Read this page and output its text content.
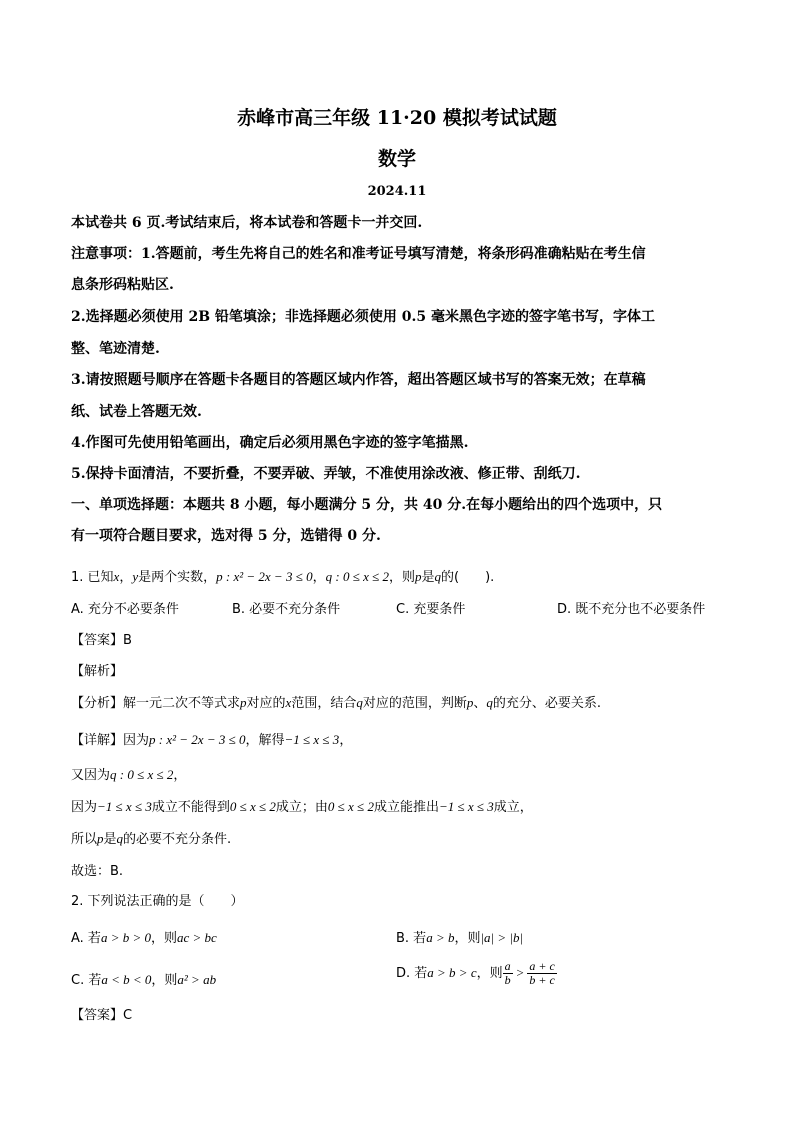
赤峰市高三年级 11·20 模拟考试试题
数学
2024.11
本试卷共 6 页.考试结束后，将本试卷和答题卡一并交回.
注意事项：1.答题前，考生先将自己的姓名和准考证号填写清楚，将条形码准确粘贴在考生信
息条形码粘贴区.
2.选择题必须使用 2B 铅笔填涂；非选择题必须使用 0.5 毫米黑色字迹的签字笔书写，字体工
整、笔迹清楚.
3.请按照题号顺序在答题卡各题目的答题区域内作答，超出答题区域书写的答案无效；在草稿
纸、试卷上答题无效.
4.作图可先使用铅笔画出，确定后必须用黑色字迹的签字笔描黑.
5.保持卡面清洁，不要折叠，不要弄破、弄皱，不准使用涂改液、修正带、刮纸刀.
一、单项选择题：本题共 8 小题，每小题满分 5 分，共 40 分.在每小题给出的四个选项中，只
有一项符合题目要求，选对得 5 分，选错得 0 分.
1. 已知x，y是两个实数，p : x² − 2x − 3 ≤ 0，q : 0 ≤ x ≤ 2，则p是q的(　　).
A. 充分不必要条件	B. 必要不充分条件	C. 充要条件	D. 既不充分也不必要条件
【答案】B
【解析】
【分析】解一元二次不等式求p对应的x范围，结合q对应的范围，判断p、q的充分、必要关系.
【详解】因为p : x² − 2x − 3 ≤ 0，解得−1 ≤ x ≤ 3，
又因为q : 0 ≤ x ≤ 2，
因为−1 ≤ x ≤ 3成立不能得到0 ≤ x ≤ 2成立；由0 ≤ x ≤ 2成立能推出−1 ≤ x ≤ 3成立，
所以p是q的必要不充分条件.
故选：B.
2. 下列说法正确的是（　　）
A. 若a > b > 0，则ac > bc	B. 若a > b，则|a| > |b|
C. 若a < b < 0，则a² > ab	D. 若a > b > c，则 $\frac{a}{b} > \frac{a + c}{b + c}$
【答案】C
